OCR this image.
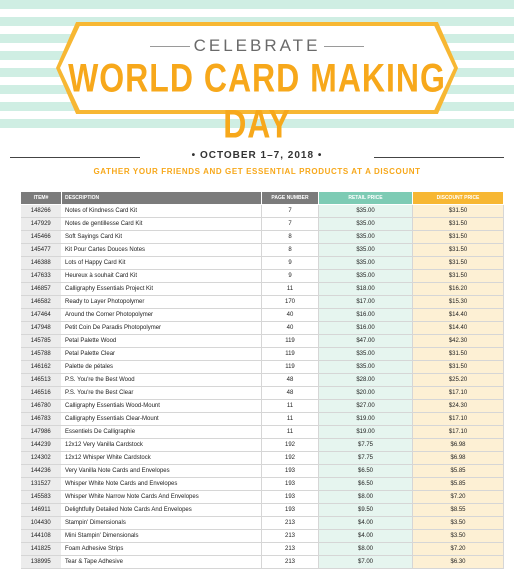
CELEBRATE
WORLD CARD MAKING DAY
• OCTOBER 1–7, 2018 •
GATHER YOUR FRIENDS AND GET ESSENTIAL PRODUCTS AT A DISCOUNT
ITEM#	DESCRIPTION	PAGE NUMBER	RETAIL PRICE	DISCOUNT PRICE
148266	Notes of Kindness Card Kit	7	$35.00	$31.50
147929	Notes de gentillesse Card Kit	7	$35.00	$31.50
145466	Soft Sayings Card Kit	8	$35.00	$31.50
145477	Kit Pour Cartes Douces Notes	8	$35.00	$31.50
146388	Lots of Happy Card Kit	9	$35.00	$31.50
147633	Heureux à souhait Card Kit	9	$35.00	$31.50
146857	Calligraphy Essentials Project Kit	11	$18.00	$16.20
146582	Ready to Layer Photopolymer	170	$17.00	$15.30
147464	Around the Corner Photopolymer	40	$16.00	$14.40
147948	Petit Coin De Paradis Photopolymer	40	$16.00	$14.40
145785	Petal Palette Wood	119	$47.00	$42.30
145788	Petal Palette Clear	119	$35.00	$31.50
146162	Palette de pétales	119	$35.00	$31.50
146513	P.S. You're the Best Wood	48	$28.00	$25.20
146516	P.S. You're the Best Clear	48	$20.00	$17.10
146780	Calligraphy Essentials Wood-Mount	11	$27.00	$24.30
146783	Calligraphy Essentials Clear-Mount	11	$19.00	$17.10
147986	Essentiels De Calligraphie	11	$19.00	$17.10
144239	12x12 Very Vanilla Cardstock	192	$7.75	$6.98
124302	12x12 Whisper White Cardstock	192	$7.75	$6.98
144236	Very Vanilla Note Cards and Envelopes	193	$6.50	$5.85
131527	Whisper White Note Cards and Envelopes	193	$6.50	$5.85
145583	Whisper White Narrow Note Cards And Envelopes	193	$8.00	$7.20
146911	Delightfully Detailed Note Cards And Envelopes	193	$9.50	$8.55
104430	Stampin' Dimensionals	213	$4.00	$3.50
144108	Mini Stampin' Dimensionals	213	$4.00	$3.50
141825	Foam Adhesive Strips	213	$8.00	$7.20
138995	Tear & Tape Adhesive	213	$7.00	$6.30
